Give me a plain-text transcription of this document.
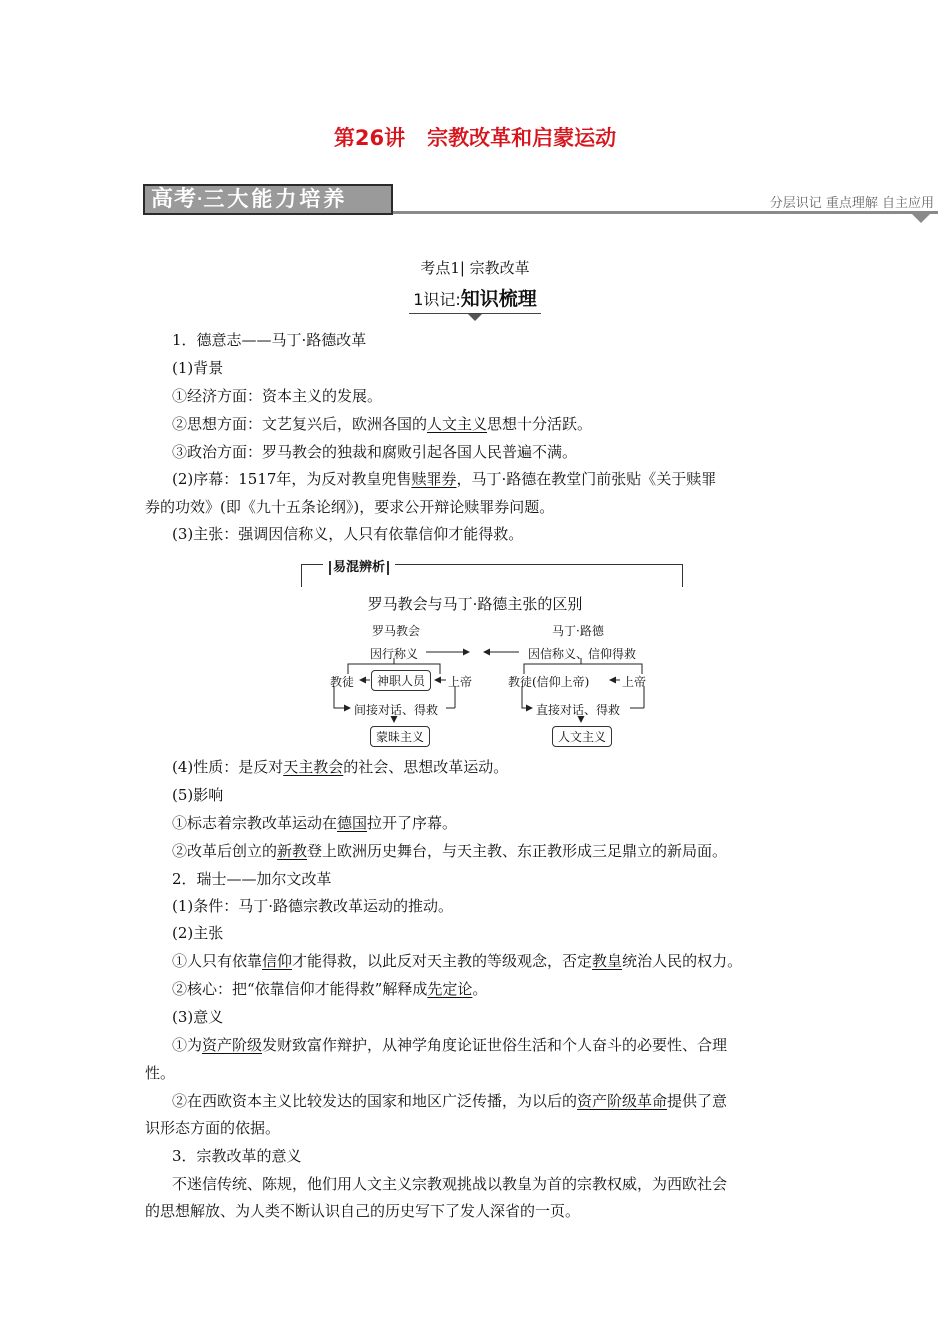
第26讲 宗教改革和启蒙运动
高考·三大能力培养	分层识记 重点理解 自主应用
考点1| 宗教改革
1识记:知识梳理
1．德意志——马丁·路德改革
(1)背景
①经济方面：资本主义的发展。
②思想方面：文艺复兴后，欧洲各国的人文主义思想十分活跃。
③政治方面：罗马教会的独裁和腐败引起各国人民普遍不满。
(2)序幕：1517年，为反对教皇兜售赎罪券，马丁·路德在教堂门前张贴《关于赎罪
券的功效》(即《九十五条论纲》)，要求公开辩论赎罪券问题。
(3)主张：强调因信称义，人只有依靠信仰才能得救。
易混辨析
罗马教会与马丁·路德主张的区别
罗马教会	马丁·路德
因行称义	因信称义、信仰得救
教徒	神职人员	上帝	教徒(信仰上帝)	上帝
间接对话、得救	直接对话、得救
蒙昧主义	人文主义
(4)性质：是反对天主教会的社会、思想改革运动。
(5)影响
①标志着宗教改革运动在德国拉开了序幕。
②改革后创立的新教登上欧洲历史舞台，与天主教、东正教形成三足鼎立的新局面。
2．瑞士——加尔文改革
(1)条件：马丁·路德宗教改革运动的推动。
(2)主张
①人只有依靠信仰才能得救，以此反对天主教的等级观念，否定教皇统治人民的权力。
②核心：把“依靠信仰才能得救”解释成先定论。
(3)意义
①为资产阶级发财致富作辩护，从神学角度论证世俗生活和个人奋斗的必要性、合理
性。
②在西欧资本主义比较发达的国家和地区广泛传播，为以后的资产阶级革命提供了意
识形态方面的依据。
3．宗教改革的意义
不迷信传统、陈规，他们用人文主义宗教观挑战以教皇为首的宗教权威，为西欧社会
的思想解放、为人类不断认识自己的历史写下了发人深省的一页。
